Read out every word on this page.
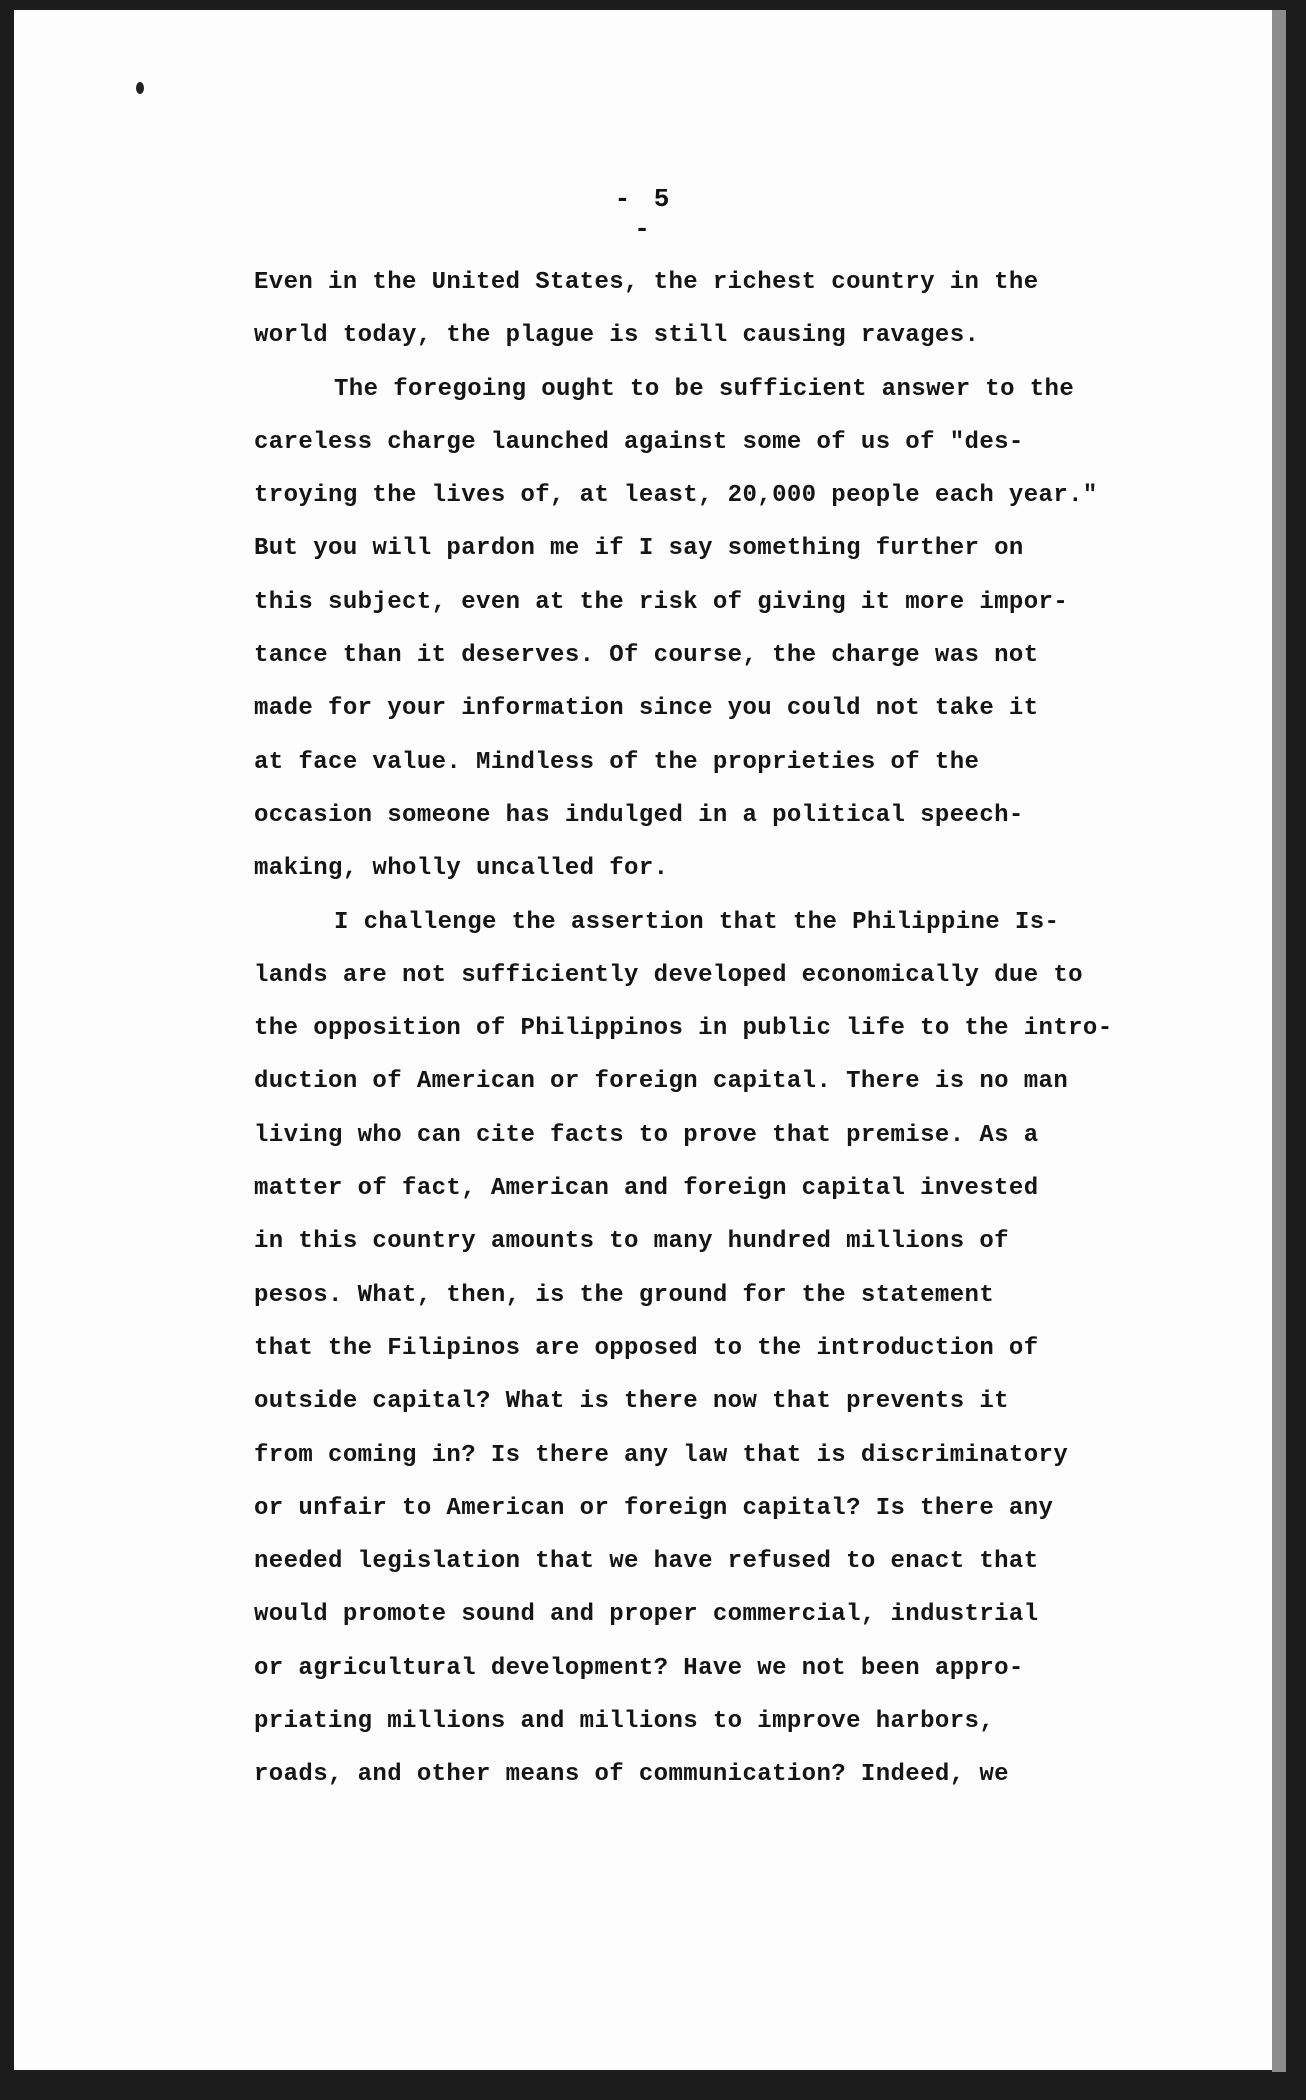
- 5 -
Even in the United States, the richest country in the
world today, the plague is still causing ravages.
The foregoing ought to be sufficient answer to the
careless charge launched against some of us of "des-
troying the lives of, at least, 20,000 people each year."
But you will pardon me if I say something further on
this subject, even at the risk of giving it more impor-
tance than it deserves. Of course, the charge was not
made for your information since you could not take it
at face value. Mindless of the proprieties of the
occasion someone has indulged in a political speech-
making, wholly uncalled for.
I challenge the assertion that the Philippine Is-
lands are not sufficiently developed economically due to
the opposition of Philippinos in public life to the intro-
duction of American or foreign capital. There is no man
living who can cite facts to prove that premise. As a
matter of fact, American and foreign capital invested
in this country amounts to many hundred millions of
pesos. What, then, is the ground for the statement
that the Filipinos are opposed to the introduction of
outside capital? What is there now that prevents it
from coming in? Is there any law that is discriminatory
or unfair to American or foreign capital? Is there any
needed legislation that we have refused to enact that
would promote sound and proper commercial, industrial
or agricultural development? Have we not been appro-
priating millions and millions to improve harbors,
roads, and other means of communication? Indeed, we
